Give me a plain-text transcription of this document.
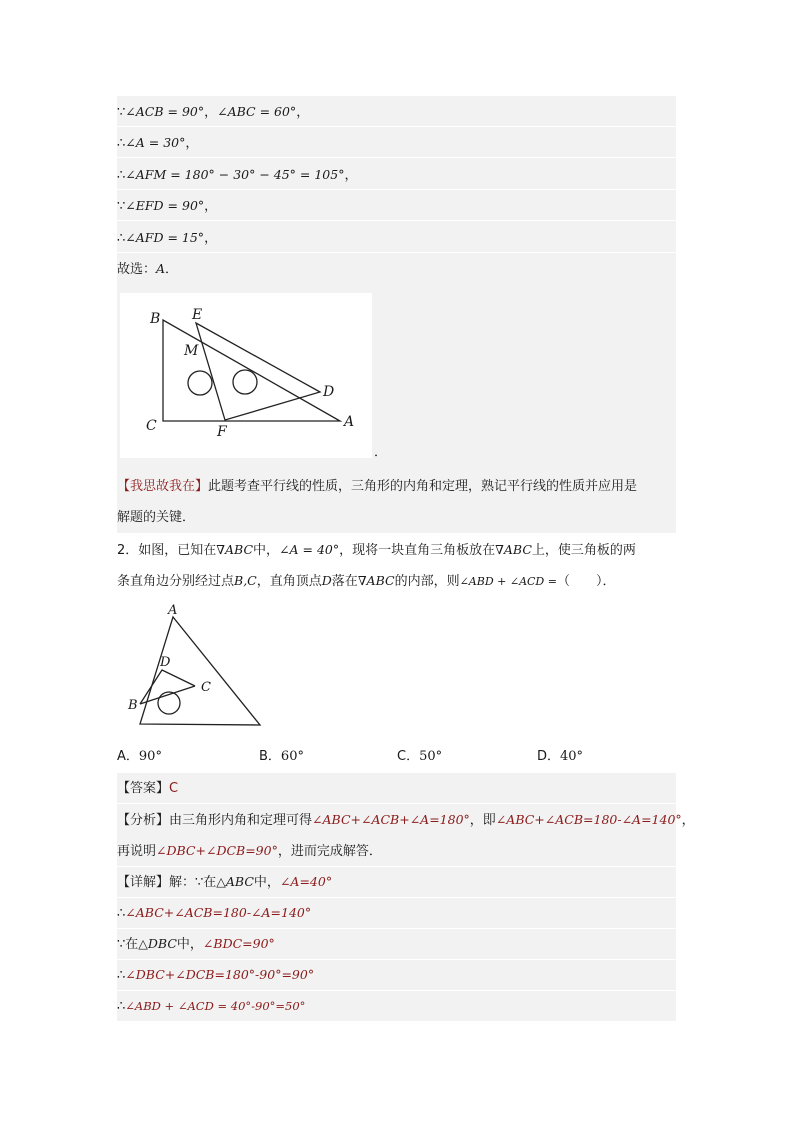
∵∠ACB = 90°，∠ABC = 60°，
∴∠A = 30°，
∴∠AFM = 180° − 30° − 45° = 105°，
∵∠EFD = 90°，
∴∠AFD = 15°，
故选：A．
B E
M
D
C	F
A
．
【我思故我在】此题考查平行线的性质，三角形的内角和定理，熟记平行线的性质并应用是
解题的关键．
2．如图，已知在∇ABC中，∠A = 40°，现将一块直角三角板放在∇ABC上，使三角板的两
条直角边分别经过点B,C，直角顶点D落在∇ABC的内部，则∠ABD + ∠ACD =（　　）．
A
D
C
B
A．90°	B．60°	C．50°	D．40°
【答案】C
【分析】由三角形内角和定理可得∠ABC+∠ACB+∠A=180°，即∠ABC+∠ACB=180-∠A=140°，
再说明∠DBC+∠DCB=90°，进而完成解答．
【详解】解：∵在△ABC中，∠A=40°
∴∠ABC+∠ACB=180-∠A=140°
∵在△DBC中，∠BDC=90°
∴∠DBC+∠DCB=180°-90°=90°
∴∠ABD + ∠ACD = 40°-90°=50°
